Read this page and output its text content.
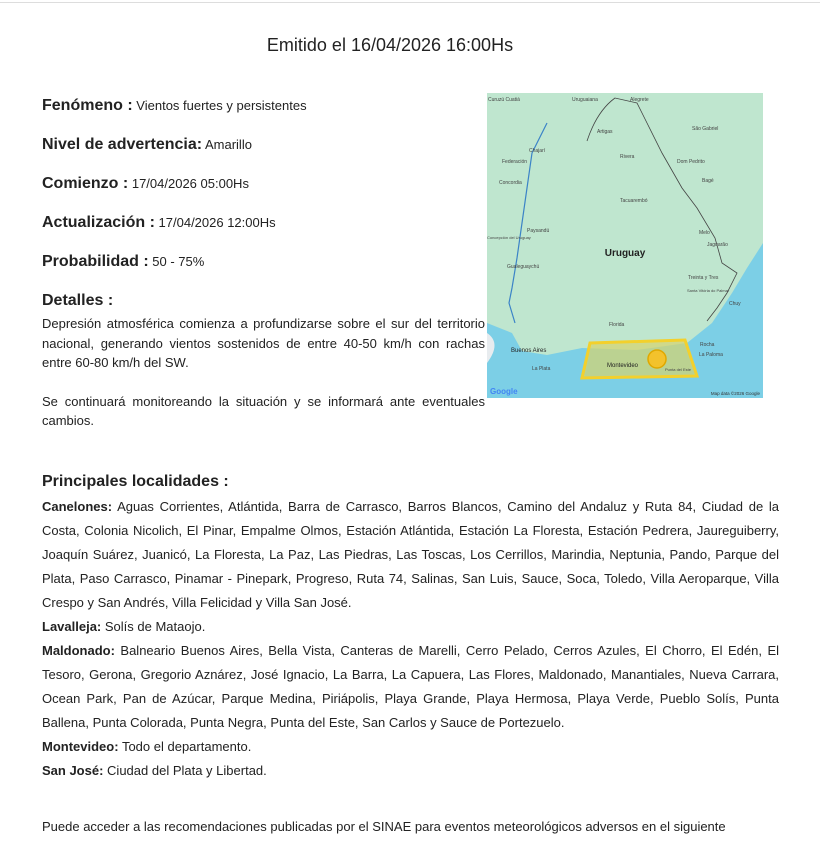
Emitido el 16/04/2026 16:00Hs
Fenómeno : Vientos fuertes y persistentes
Nivel de advertencia: Amarillo
Comienzo : 17/04/2026 05:00Hs
Actualización : 17/04/2026 12:00Hs
Probabilidad : 50 - 75%
Detalles :

Depresión atmosférica comienza a profundizarse sobre el sur del territorio nacional, generando vientos sostenidos de entre 40-50 km/h con rachas entre 60-80 km/h del SW.

Se continuará monitoreando la situación y se informará ante eventuales cambios.

Uruguay
Uruguaiana	Alegrete
Curuzú Cuatiá
São Gabriel
Artigas
Chajarí
Rivera
Dom Pedrito
Federación
Concordia	Bagé
Tacuarembó
Paysandú	Melo
Jaguarão
Concepción del Uruguay
Gualeguaychú
Treinta y Tres
Santa Vitória do Palmar
Chuy
Florida
Buenos Aires
La Plata	Montevideo
Punta del Este
Rocha
La Paloma
Google	Map data ©2026 Google
Principales localidades :
Canelones: Aguas Corrientes, Atlántida, Barra de Carrasco, Barros Blancos, Camino del Andaluz y Ruta 84, Ciudad de la Costa, Colonia Nicolich, El Pinar, Empalme Olmos, Estación Atlántida, Estación La Floresta, Estación Pedrera, Jaureguiberry, Joaquín Suárez, Juanicó, La Floresta, La Paz, Las Piedras, Las Toscas, Los Cerrillos, Marindia, Neptunia, Pando, Parque del Plata, Paso Carrasco, Pinamar - Pinepark, Progreso, Ruta 74, Salinas, San Luis, Sauce, Soca, Toledo, Villa Aeroparque, Villa Crespo y San Andrés, Villa Felicidad y Villa San José.
Lavalleja: Solís de Mataojo.
Maldonado: Balneario Buenos Aires, Bella Vista, Canteras de Marelli, Cerro Pelado, Cerros Azules, El Chorro, El Edén, El Tesoro, Gerona, Gregorio Aznárez, José Ignacio, La Barra, La Capuera, Las Flores, Maldonado, Manantiales, Nueva Carrara, Ocean Park, Pan de Azúcar, Parque Medina, Piriápolis, Playa Grande, Playa Hermosa, Playa Verde, Pueblo Solís, Punta Ballena, Punta Colorada, Punta Negra, Punta del Este, San Carlos y Sauce de Portezuelo.
Montevideo: Todo el departamento.
San José: Ciudad del Plata y Libertad.
Puede acceder a las recomendaciones publicadas por el SINAE para eventos meteorológicos adversos en el siguiente
